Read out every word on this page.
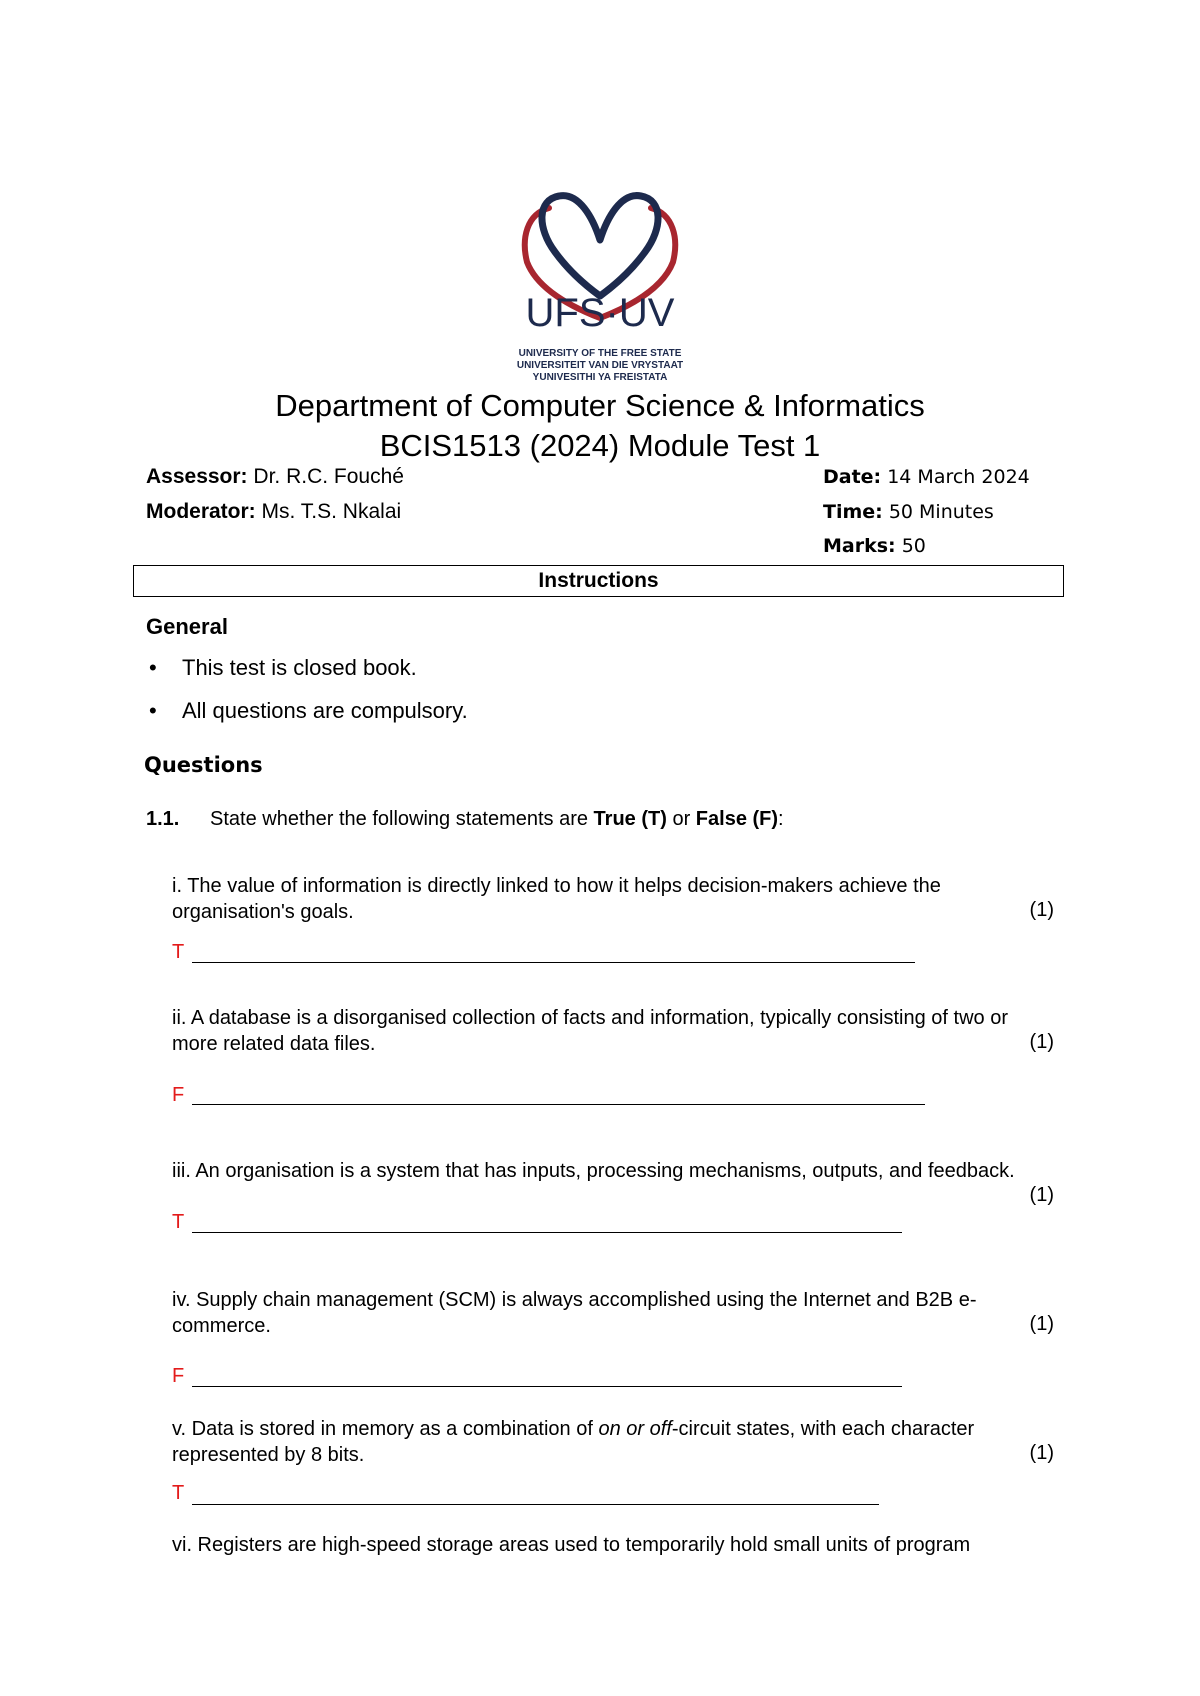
UFS·UV
UNIVERSITY OF THE FREE STATE
UNIVERSITEIT VAN DIE VRYSTAAT
YUNIVESITHI YA FREISTATA
Department of Computer Science & Informatics
BCIS1513 (2024) Module Test 1
Assessor: Dr. R.C. Fouché
Moderator: Ms. T.S. Nkalai
Date: 14 March 2024
Time: 50 Minutes
Marks: 50
Instructions
General
• This test is closed book.
• All questions are compulsory.
Questions
1.1. State whether the following statements are True (T) or False (F):
i. The value of information is directly linked to how it helps decision-makers achieve the organisation's goals.	(1)
T
ii. A database is a disorganised collection of facts and information, typically consisting of two or more related data files.	(1)
F
iii. An organisation is a system that has inputs, processing mechanisms, outputs, and feedback.
(1)
T
iv. Supply chain management (SCM) is always accomplished using the Internet and B2B e-commerce.	(1)
F
v. Data is stored in memory as a combination of on or off-circuit states, with each character represented by 8 bits.	(1)
T
vi. Registers are high-speed storage areas used to temporarily hold small units of program
